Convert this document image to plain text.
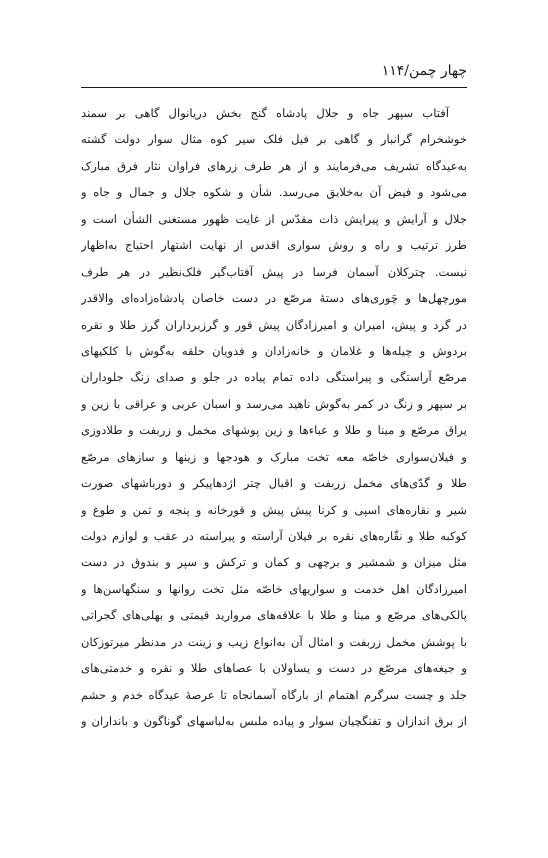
چهار چمن/۱۱۴
آفتاب سپهر جاه و جلال پادشاه گنج بخش دریانوال گاهی بر سمند
خوشخرام گرانبار و گاهی بر فیل فلک سیر کوه مثال سوار دولت گشته
به‌عیدگاه تشریف می‌فرمایند و از هر طرف زرهای فراوان نثار فرق مبارک
می‌شود و فیض آن به‌خلایق می‌رسد. شأن و شکوه جلال و جمال و جاه و
جلال و آرایش و پیرایش ذات مقدّس از غایت ظهور مستغنی الشأن است و
طرز ترتیب و راه و روش سواری اقدس از نهایت اشتهار احتیاج به‌اظهار
نیست. چترکلان آسمان فرسا در پیش آفتاب‌گیر فلک‌نظیر در هر طرف
مورچهل‌ها و چَوری‌های دستهٔ مرصّع در دست خاصان پادشاه‌زاده‌ای والاقدر
در گرد و پیش، امیران و امیرزادگان پیش قور و گرزبرداران گرز طلا و نقره
بردوش و چیله‌ها و غلامان و خانه‌زادان و فدویان حلقه به‌گوش با کلکیهای
مرصّع آراستگی و پیراستگی داده تمام پیاده در جلو و صدای زنگ جلوداران
بر سپهر و زنگ در کمر به‌گوش ناهید می‌رسد و اسبان عربی و عراقی با زین و
یراق مرصّع و مینا و طلا و عباءها و زین پوشهای مخمل و زربفت و طلادوزی
و فیلان‌سواری خاصّه معه تخت مبارک و هودجها و زینها و سازهای مرصّع
طلا و گدّی‌های مخمل زربفت و اقبال چتر اژدهاپیکر و دورباشهای صورت
شیر و نقاره‌های اسپی و کرنا پیش پیش و قورخانه و پنجه و تمن و طوغ و
کوکبه طلا و نقّاره‌های نقره بر فیلان آراسته و پیراسته در عقب و لوازم دولت
مثل میزان و شمشیر و برچهی و کمان و ترکش و سپر و بندوق در دست
امیرزادگان اهل خدمت و سواریهای خاصّه مثل تخت روانها و سنگهاسن‌ها و
پالکی‌های مرصّع و مینا و طلا با علاقه‌های مروارید قیمتی و بهلی‌های گجراتی
با پوشش مخمل زربفت و امثال آن به‌انواع زیب و زینت در مدنظر میرتوزکان
و جیغه‌های مرصّع در دست و یساولان با عصاهای طلا و نقره و خدمتی‌های
جلد و چست سرگرم اهتمام از بارگاه آسمانجاه تا عرصهٔ عیدگاه خدم و حشم
از برق اندازان و تفنگچیان سوار و پیاده ملبس به‌لباسهای گوناگون و بانداران و
